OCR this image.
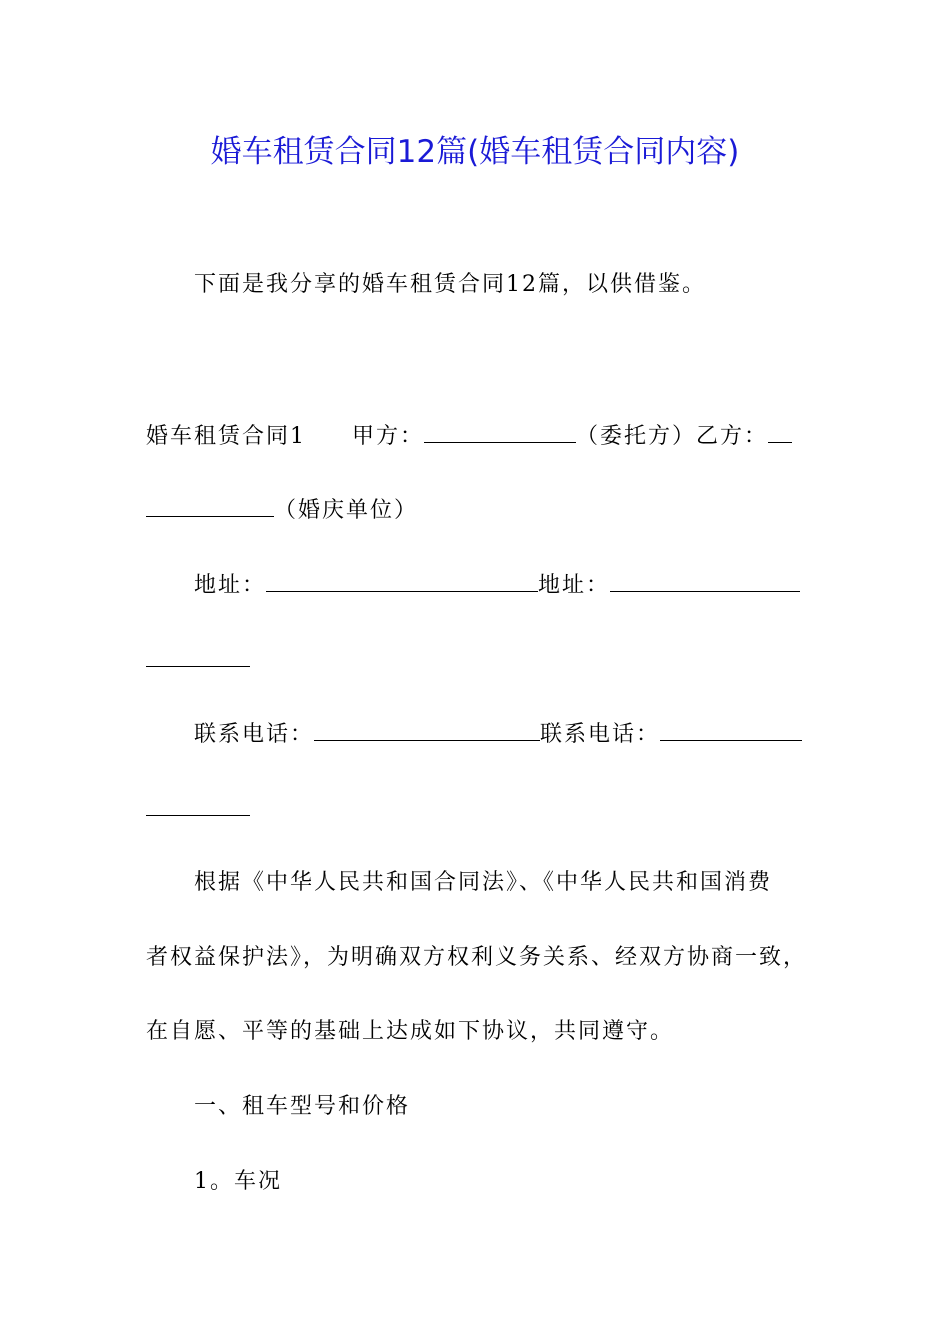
婚车租赁合同12篇(婚车租赁合同内容)
下面是我分享的婚车租赁合同12篇，以供借鉴。
婚车租赁合同1 甲方：	（委托方）乙方：
（婚庆单位）
地址：	地址：
联系电话：	联系电话：
根据《中华人民共和国合同法》、《中华人民共和国消费
者权益保护法》，为明确双方权利义务关系、经双方协商一致，
在自愿、平等的基础上达成如下协议，共同遵守。
一、租车型号和价格
1。车况
